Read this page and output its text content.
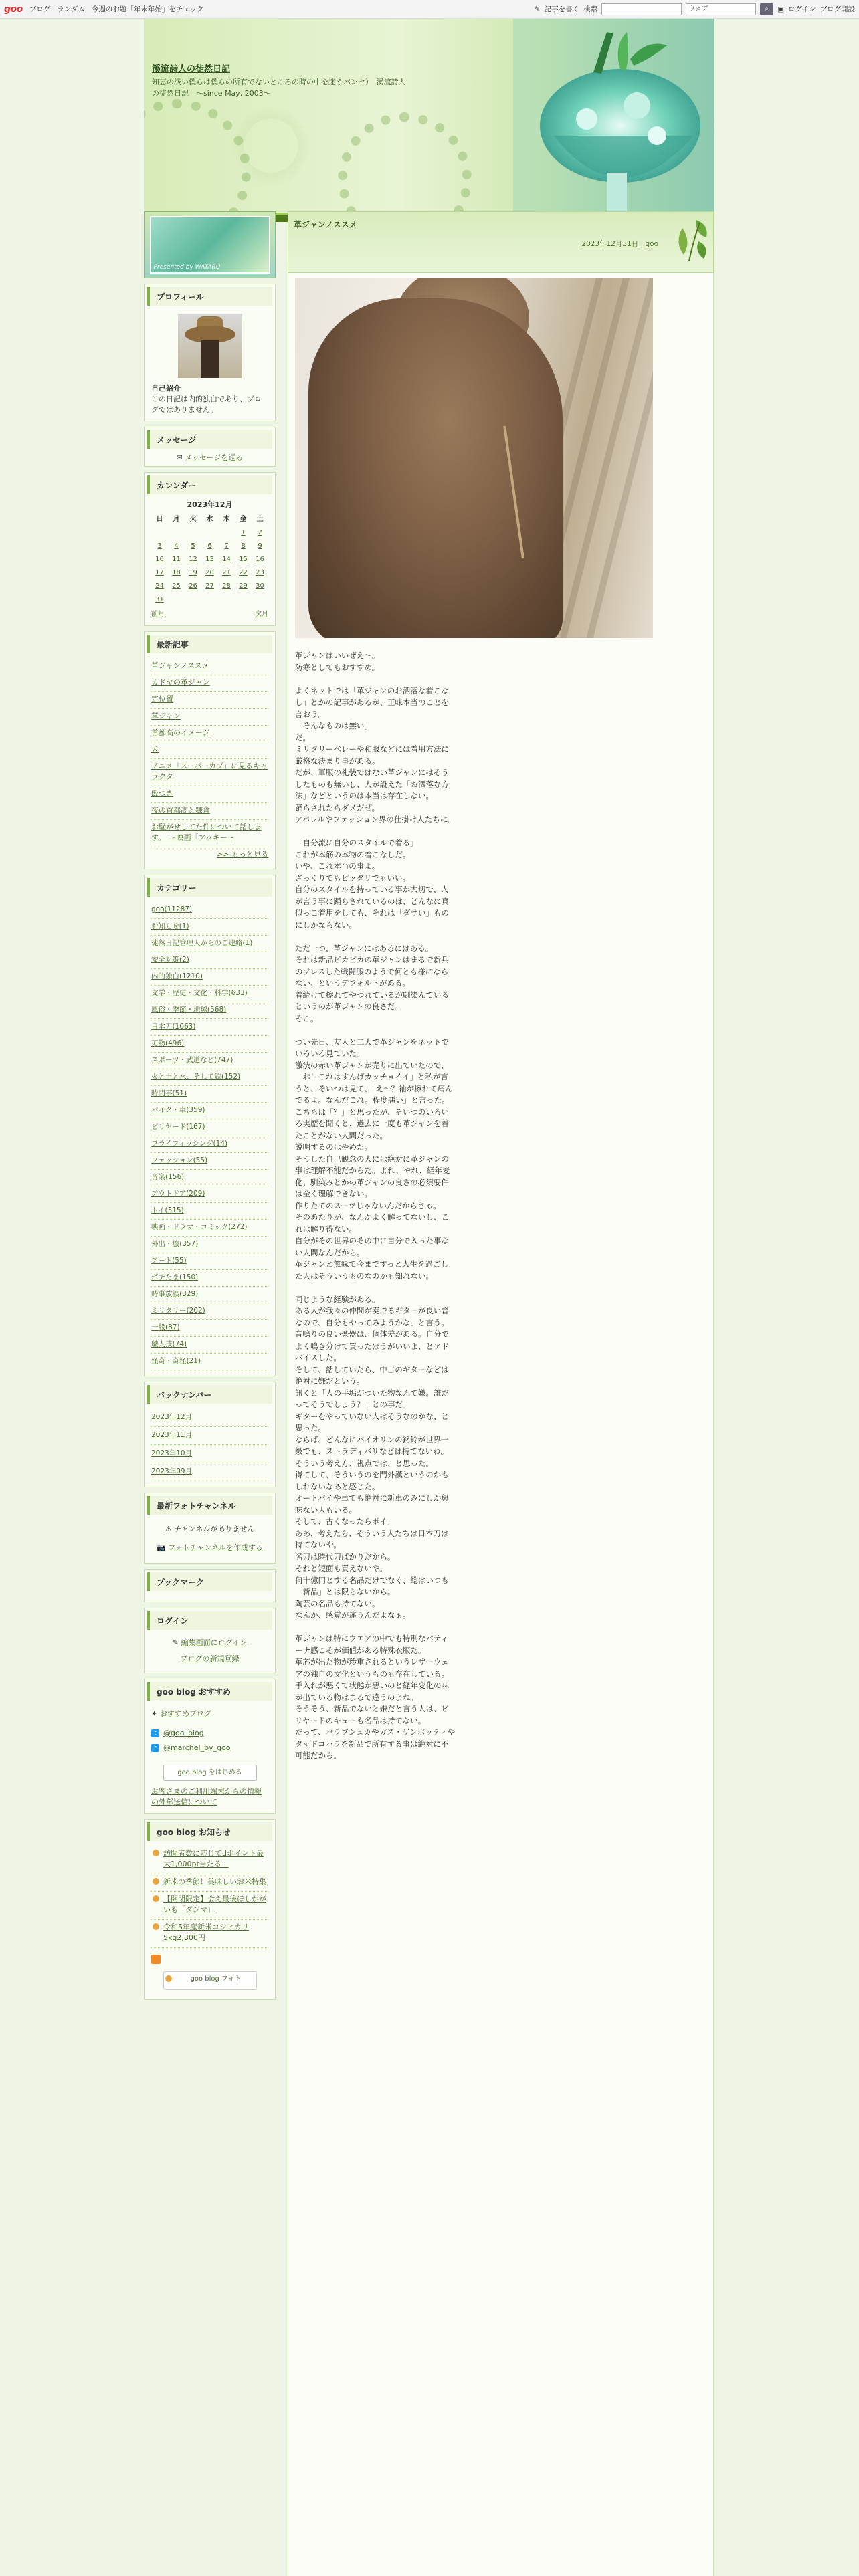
goo ブログ ランダム 今週のお題「年末年始」をチェック	✎ 記事を書く 検索	ウェブ	⌕	▣ ログイン ブログ開設
溪流詩人の徒然日記
知恵の浅い僕らは僕らの所有でないところの時の中を迷うパンセ）　溪流詩人の徒然日記　〜since May, 2003〜
Presented by WATARU
プロフィール
自己紹介
この日記は内的独白であり、ブログではありません。
メッセージ
✉ メッセージを送る
カレンダー
2023年12月
日	月	火	水	木	金	土
					1	2
3	4	5	6	7	8	9
10	11	12	13	14	15	16
17	18	19	20	21	22	23
24	25	26	27	28	29	30
31						
前月	次月
最新記事
革ジャンノススメ
カドヤの革ジャン
定位置
革ジャン
首都高のイメージ
犬
アニメ「スーパーカブ」に見るキャラクタ
飯つき
夜の首都高と鎌倉
お騒がせしてた件について話します。　〜映画「アッキー〜
>> もっと見る
カテゴリー
goo(11287)
お知らせ(1)
徒然日記管理人からのご連絡(1)
安全対策(2)
内的独白(1210)
文学・歴史・文化・科学(633)
風俗・季節・地球(568)
日本刀(1063)
刃物(496)
スポーツ・武道など(747)
火と土と水、そして鉄(152)
時間事(51)
バイク・車(359)
ビリヤード(167)
フライフィッシング(14)
ファッション(55)
音楽(156)
アウトドア(209)
トイ(315)
映画・ドラマ・コミック(272)
外出・旅(357)
アート(55)
ポチたま(150)
時事放談(329)
ミリタリー(202)
一般(87)
職人技(74)
怪奇・奇怪(21)
バックナンバー
2023年12月
2023年11月
2023年10月
2023年09月
最新フォトチャンネル
⚠ チャンネルがありません
📷 フォトチャンネルを作成する
ブックマーク
ログイン
✎ 編集画面にログイン
ブログの新規登録
goo blog おすすめ
✦ おすすめブログ
t @goo_blog
t @marchel_by_goo
goo blog をはじめる
お客さまのご利用端末からの情報の外部送信について
goo blog お知らせ
訪問者数に応じてdポイント最大1,000pt当たる！
新米の季節！美味しいお米特集
【開閉限定】会え最後ほしかがいも「ダジマ」
令和5年産新米コシヒカリ5kg2,300円
goo blog フォト
革ジャンノススメ
2023年12月31日 | goo
革ジャンはいいぜえ〜。
防寒としてもおすすめ。

よくネットでは「革ジャンのお洒落な着こなし」とかの記事があるが、正味本当のことを言おう。
「そんなものは無い」
だ。
ミリタリーベレーや和服などには着用方法に厳格な決まり事がある。
だが、軍服の礼装ではない革ジャンにはそうしたものも無いし、人が設えた「お洒落な方法」などというのは本当は存在しない。
踊らされたらダメだぜ。
アパレルやファッション界の仕掛け人たちに。

「自分流に自分のスタイルで着る」
これが本筋の本物の着こなしだ。
いや、これ本当の事よ。
ざっくりでもピッタリでもいい。
自分のスタイルを持っている事が大切で、人が言う事に踊らされているのは、どんなに真似っこ着用をしても、それは「ダサい」ものにしかならない。

ただ一つ、革ジャンにはあるにはある。
それは新品ピカピカの革ジャンはまるで新兵のプレスした戦闘服のようで何とも様にならない、というデフォルトがある。
着続けて擦れてやつれているが馴染んでいるというのが革ジャンの良さだ。
そこ。

つい先日、友人と二人で革ジャンをネットでいろいろ見ていた。
激渋の赤い革ジャンが売りに出ていたので、「お！これはすんげカッチョイイ」と私が言うと、そいつは見て、「え〜？袖が擦れて痛んでるよ。なんだこれ。程度悪い」と言った。
こちらは「？」と思ったが、そいつのいろいろ実歴を聞くと、過去に一度も革ジャンを着たことがない人間だった。
説明するのはやめた。
そうした自己観念の人には絶対に革ジャンの事は理解不能だからだ。よれ、やれ、経年変化、馴染みとかの革ジャンの良さの必須要件は全く理解できない。
作りたてのスーツじゃないんだからさぁ。
そのあたりが、なんかよく解ってないし、これは解り得ない。
自分がその世界のその中に自分で入った事ない人間なんだから。
革ジャンと無縁で今まですっと人生を過ごした人はそういうものなのかも知れない。

同じような経験がある。
ある人が我々の仲間が奏でるギターが良い音なので、自分もやってみようかな、と言う。
音鳴りの良い楽器は、個体差がある。自分でよく鳴き分けて買ったほうがいいよ、とアドバイスした。
そして、話していたら、中古のギターなどは絶対に嫌だという。
訊くと「人の手垢がついた物なんて嫌。誰だってそうでしょう？」との事だ。
ギターをやっていない人はそうなのかな、と思った。
ならば、どんなにバイオリンの銘鈴が世界一級でも、ストラディバリなどは持てないね。そういう考え方、視点では、と思った。
得てして、そういうのを門外漢というのかもしれないなあと感じた。
オートバイや車でも絶対に新車のみにしか興味ない人もいる。
そして、古くなったらポイ。
ああ、考えたら、そういう人たちは日本刀は持てないや。
名刀は時代刀ばかりだから。
それと短面も買えないや。
何十億円とする名品だけでなく、総はいつも「新品」とは限らないから。
陶芸の名品も持てない。
なんか、感覚が違うんだよなぁ。

革ジャンは特にウエアの中でも特別なパティーナ感こそが価値がある特殊衣服だ。
革芯が出た物が珍重されるというレザーウェアの独自の文化というものも存在している。
手入れが悪くて状態が悪いのと経年変化の味が出ている物はまるで違うのよね。
そうそう、新品でないと嫌だと言う人は、ビリヤードのキューも名品は持てない。
だって、バラブシュカやガス・ザンボッティやタッドコハラを新品で所有する事は絶対に不可能だから。
